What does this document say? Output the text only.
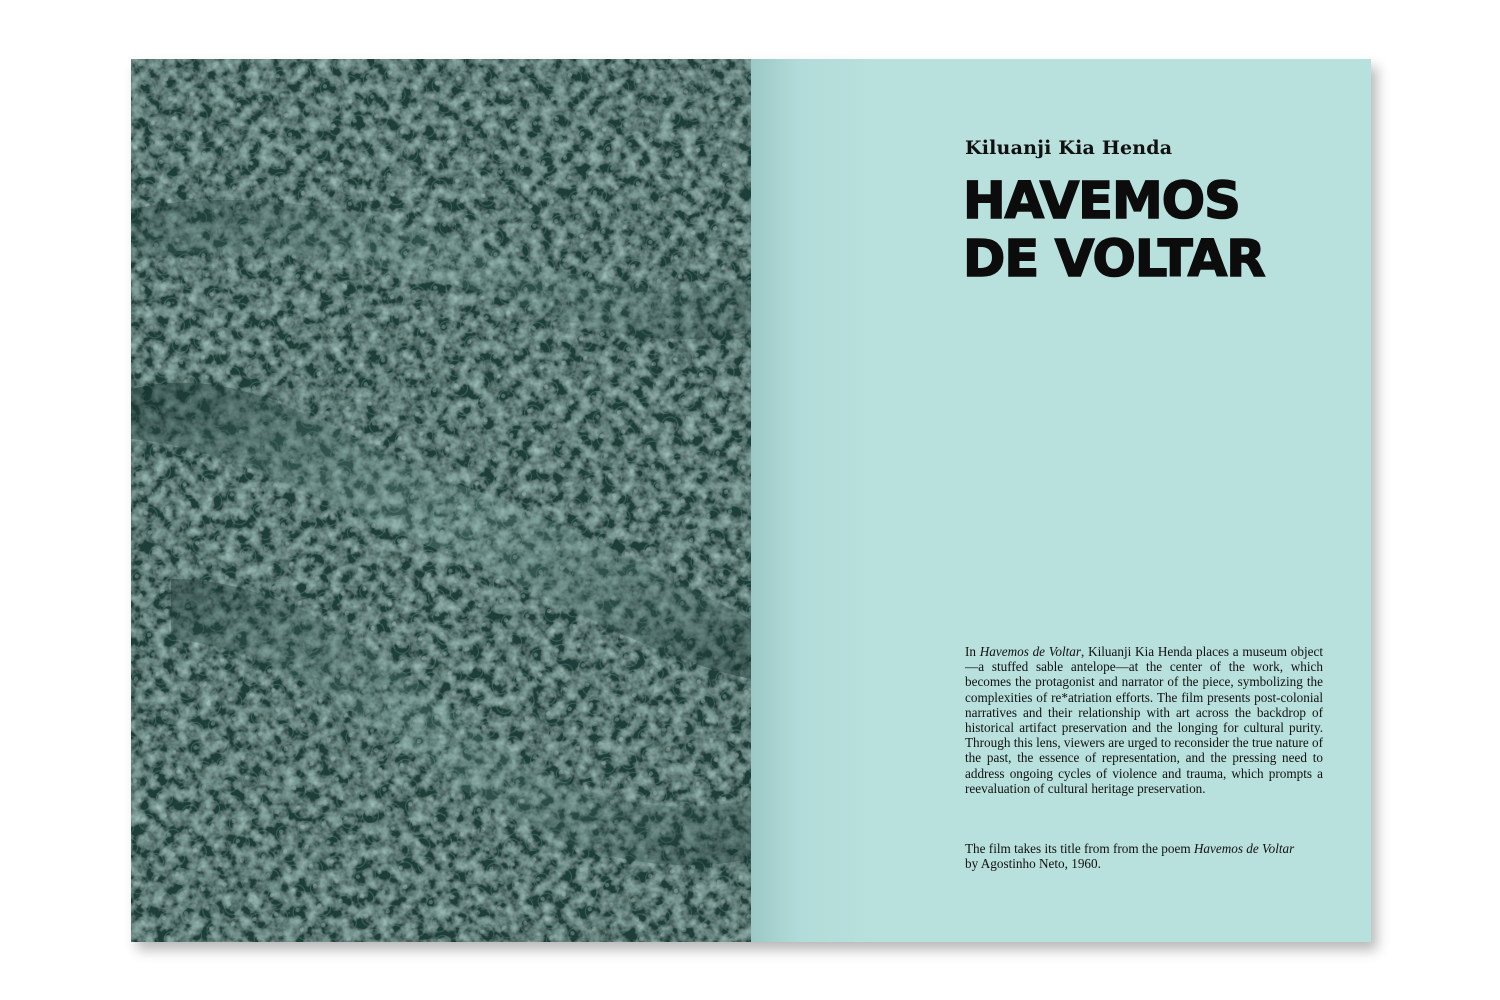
Kiluanji Kia Henda
HAVEMOS
DE VOLTAR

In Havemos de Voltar, Kiluanji Kia Henda places a museum object—a stuffed sable antelope—at the center of the work, which becomes the protagonist and narrator of the piece, symbolizing the complexities of re*atriation efforts. The film presents post-colonial narratives and their relationship with art across the backdrop of historical artifact preservation and the longing for cultural purity. Through this lens, viewers are urged to reconsider the true nature of the past, the essence of representation, and the pressing need to address ongoing cycles of violence and trauma, which prompts a reevaluation of cultural heritage preservation.

The film takes its title from from the poem Havemos de Voltar
by Agostinho Neto, 1960.
